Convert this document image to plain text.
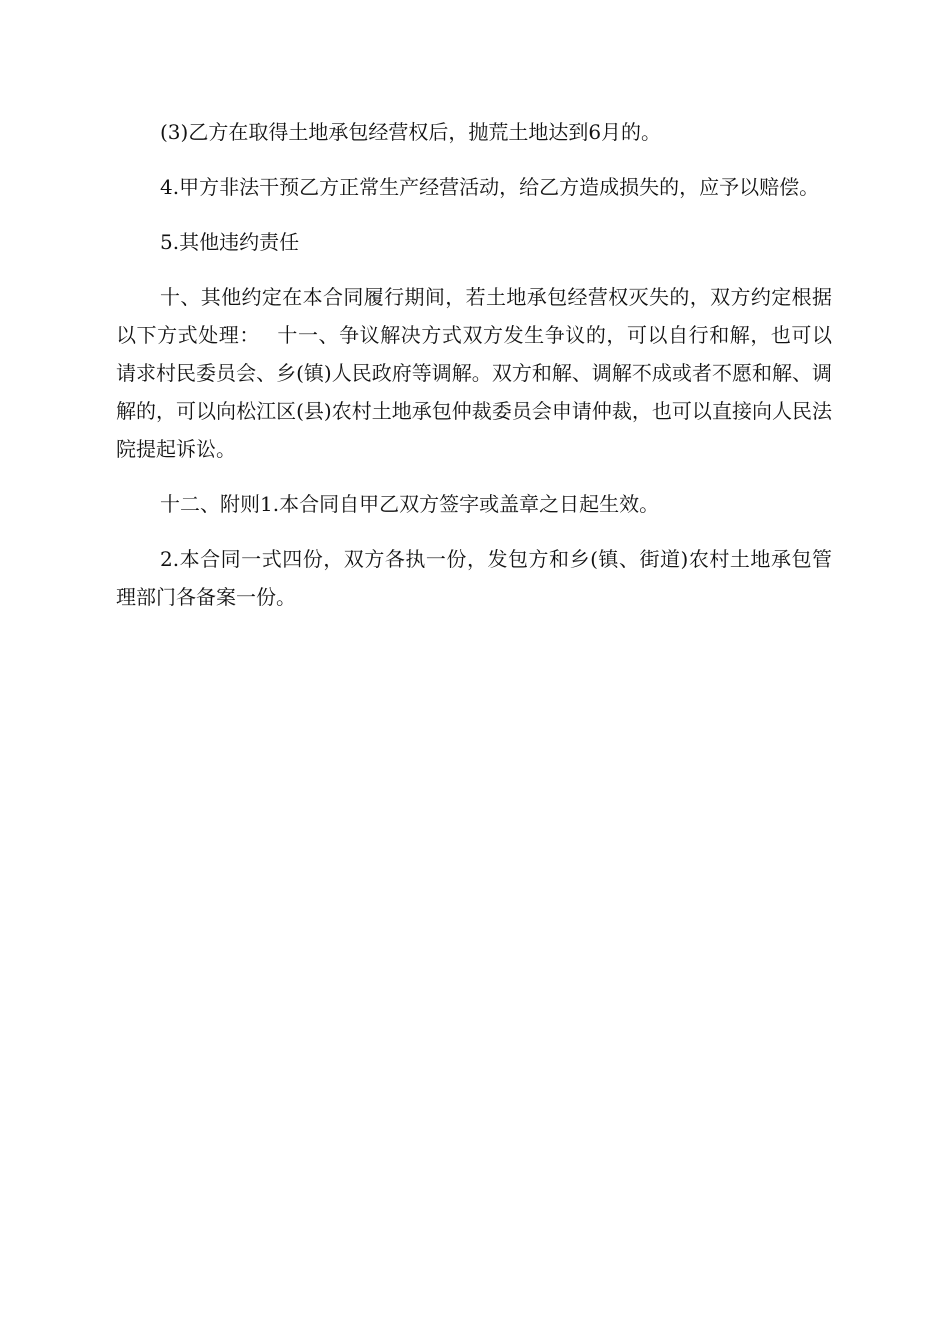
(3)乙方在取得土地承包经营权后，抛荒土地达到6月的。

4.甲方非法干预乙方正常生产经营活动，给乙方造成损失的，应予以赔偿。

5.其他违约责任

十、其他约定在本合同履行期间，若土地承包经营权灭失的，双方约定根据以下方式处理：　 十一、争议解决方式双方发生争议的，可以自行和解，也可以请求村民委员会、乡(镇)人民政府等调解。双方和解、调解不成或者不愿和解、调解的，可以向松江区(县)农村土地承包仲裁委员会申请仲裁，也可以直接向人民法院提起诉讼。

十二、附则1.本合同自甲乙双方签字或盖章之日起生效。

2.本合同一式四份，双方各执一份，发包方和乡(镇、街道)农村土地承包管理部门各备案一份。
